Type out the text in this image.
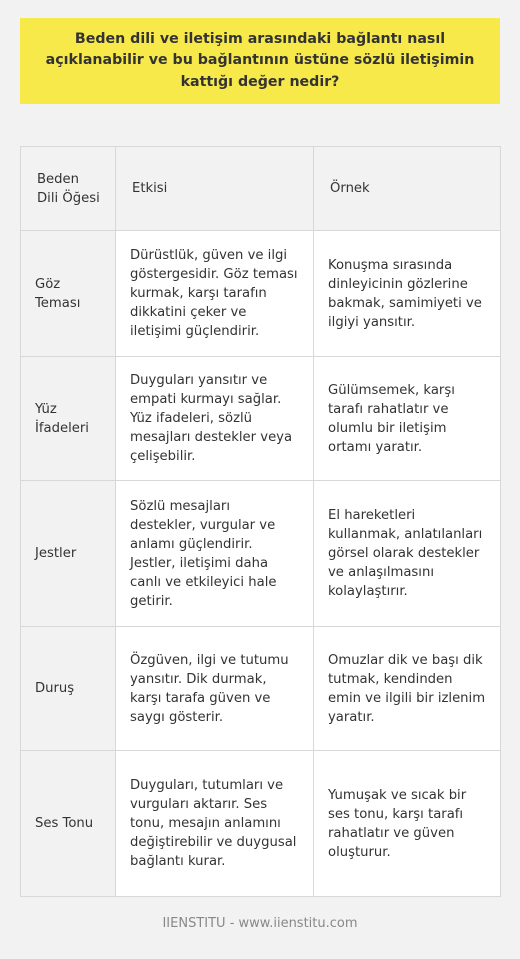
Beden dili ve iletişim arasındaki bağlantı nasıl açıklanabilir ve bu bağlantının üstüne sözlü iletişimin kattığı değer nedir?
Beden Dili Öğesi	Etkisi	Örnek
Göz Teması	Dürüstlük, güven ve ilgi göstergesidir. Göz teması kurmak, karşı tarafın dikkatini çeker ve iletişimi güçlendirir.	Konuşma sırasında dinleyicinin gözlerine bakmak, samimiyeti ve ilgiyi yansıtır.
Yüz İfadeleri	Duyguları yansıtır ve empati kurmayı sağlar. Yüz ifadeleri, sözlü mesajları destekler veya çelişebilir.	Gülümsemek, karşı tarafı rahatlatır ve olumlu bir iletişim ortamı yaratır.
Jestler	Sözlü mesajları destekler, vurgular ve anlamı güçlendirir. Jestler, iletişimi daha canlı ve etkileyici hale getirir.	El hareketleri kullanmak, anlatılanları görsel olarak destekler ve anlaşılmasını kolaylaştırır.
Duruş	Özgüven, ilgi ve tutumu yansıtır. Dik durmak, karşı tarafa güven ve saygı gösterir.	Omuzlar dik ve başı dik tutmak, kendinden emin ve ilgili bir izlenim yaratır.
Ses Tonu	Duyguları, tutumları ve vurguları aktarır. Ses tonu, mesajın anlamını değiştirebilir ve duygusal bağlantı kurar.	Yumuşak ve sıcak bir ses tonu, karşı tarafı rahatlatır ve güven oluşturur.
IIENSTITU - www.iienstitu.com
